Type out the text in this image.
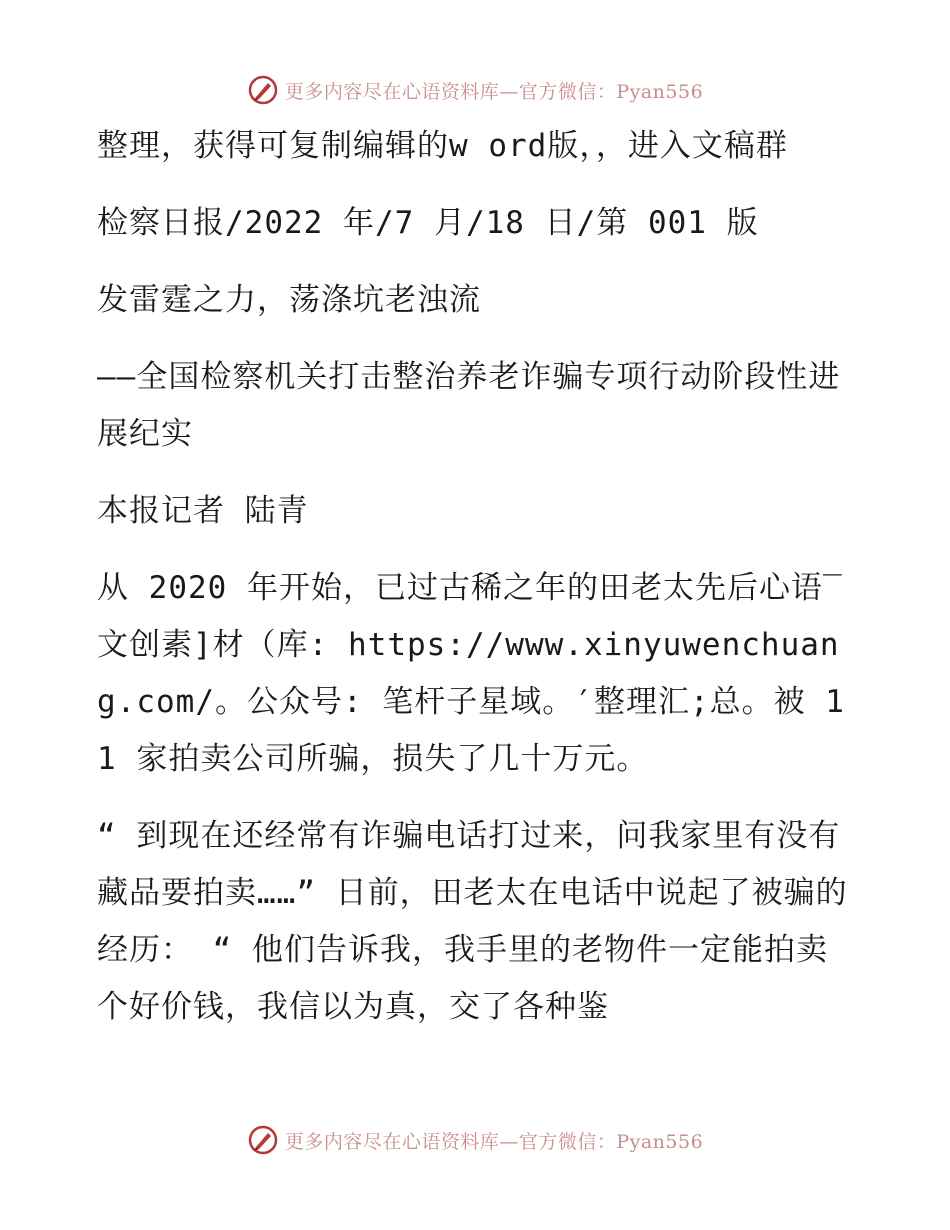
更多内容尽在心语资料库—官方微信：Pyan556

整理，获得可复制编辑的w ord版，，进入文稿群

检察日报/2022 年/7 月/18 日/第 001 版

发雷霆之力，荡涤坑老浊流

——全国检察机关打击整治养老诈骗专项行动阶段性进展纪实

本报记者 陆青

从 2020 年开始，已过古稀之年的田老太先后心语‾文创素]材（库: https://www.xinyuwenchuang.com/。公众号: 笔杆子星域。′整理汇;总。被 11 家拍卖公司所骗，损失了几十万元。

“ 到现在还经常有诈骗电话打过来，问我家里有没有藏品要拍卖……” 日前，田老太在电话中说起了被骗的经历： “ 他们告诉我，我手里的老物件一定能拍卖个好价钱，我信以为真，交了各种鉴

更多内容尽在心语资料库—官方微信：Pyan556
